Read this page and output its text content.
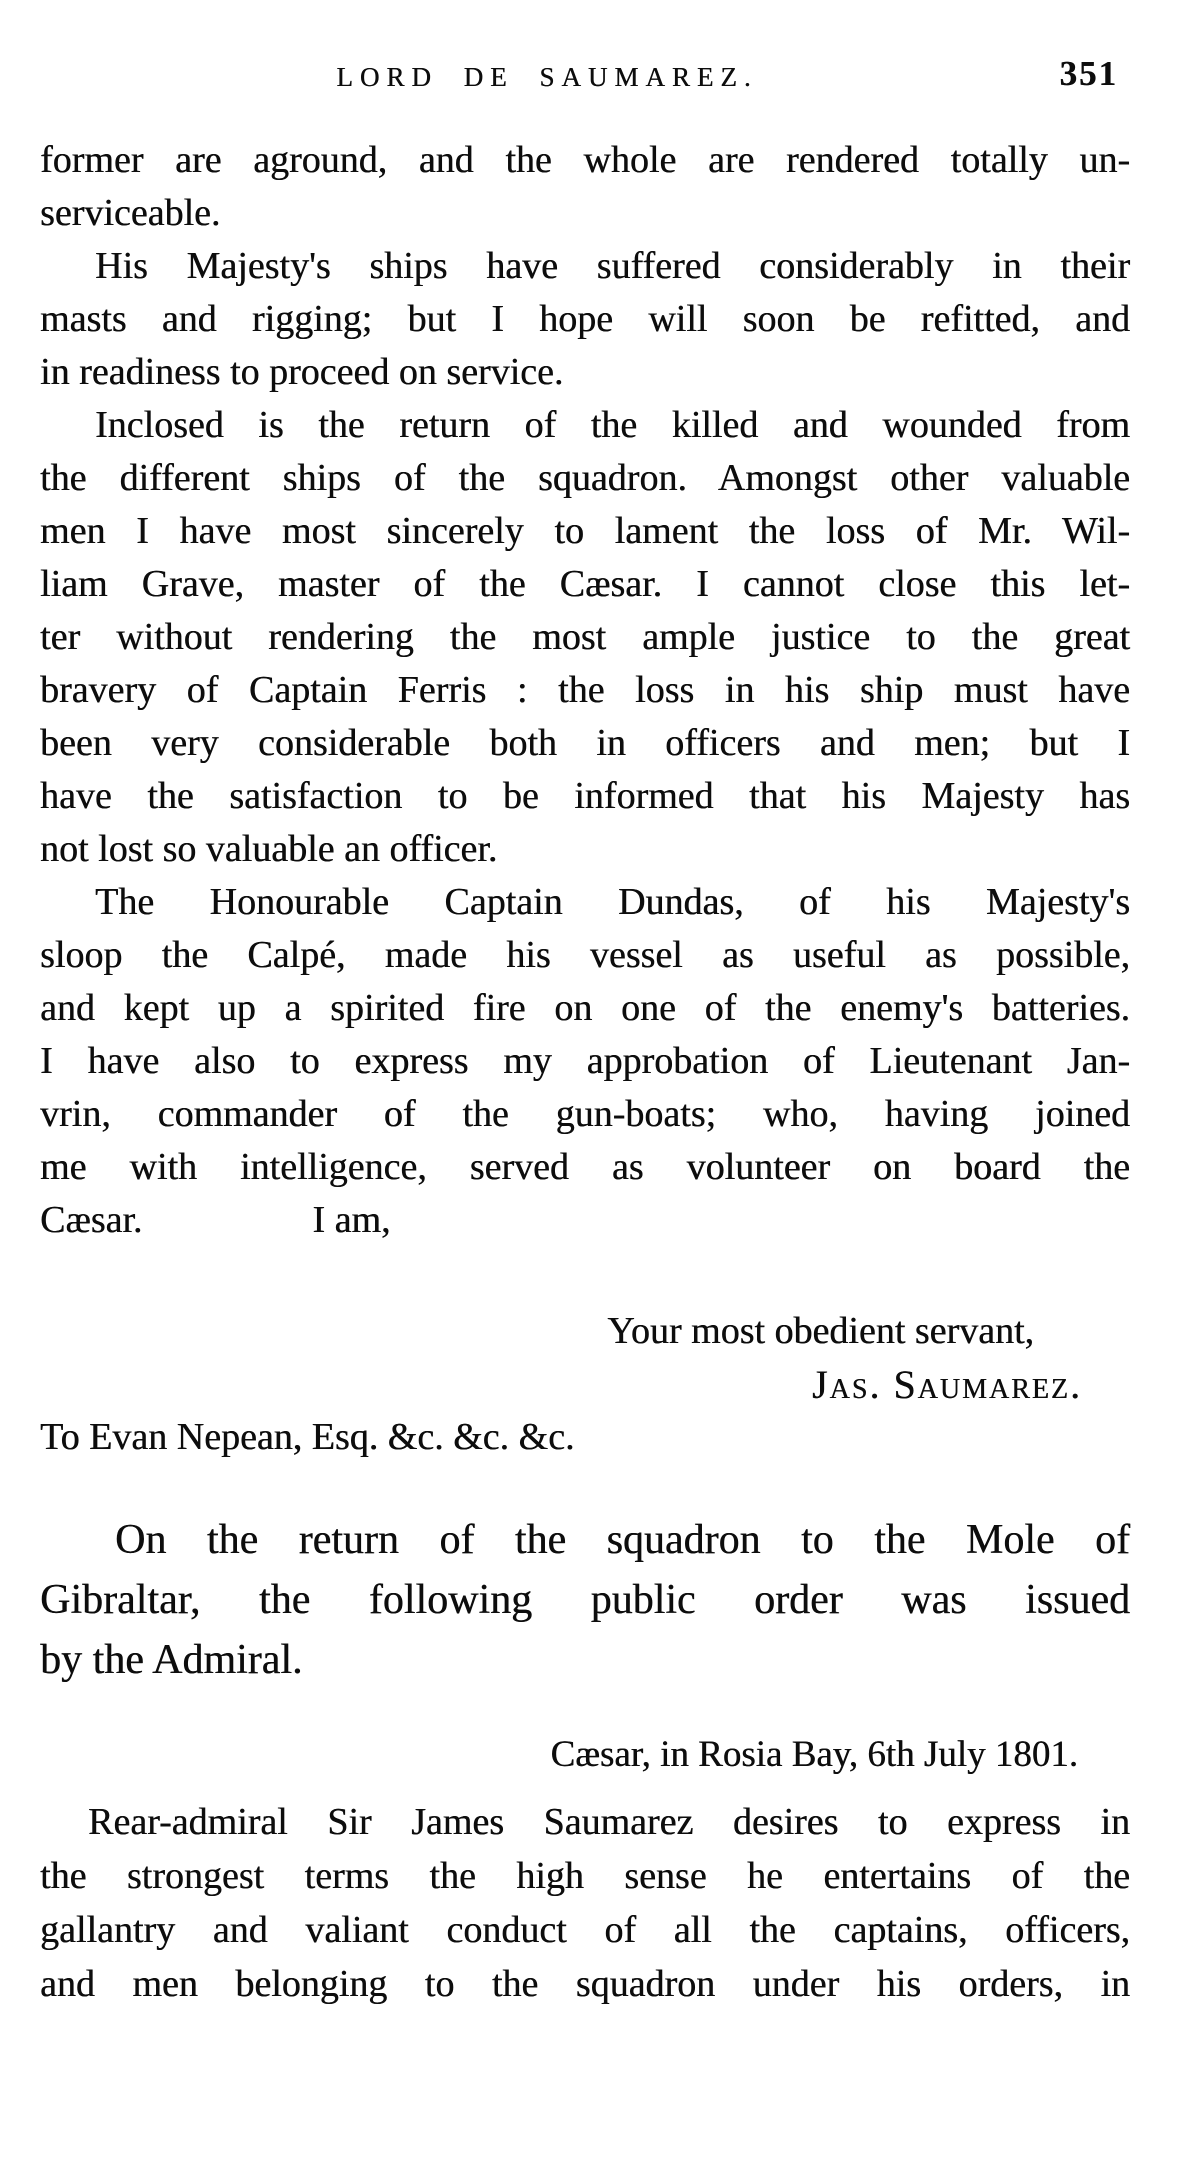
LORD DE SAUMAREZ.	351
former are aground, and the whole are rendered totally un-
serviceable.
His Majesty's ships have suffered considerably in their
masts and rigging; but I hope will soon be refitted, and
in readiness to proceed on service.
Inclosed is the return of the killed and wounded from
the different ships of the squadron. Amongst other valuable
men I have most sincerely to lament the loss of Mr. Wil-
liam Grave, master of the Cæsar. I cannot close this let-
ter without rendering the most ample justice to the great
bravery of Captain Ferris : the loss in his ship must have
been very considerable both in officers and men; but I
have the satisfaction to be informed that his Majesty has
not lost so valuable an officer.
The Honourable Captain Dundas, of his Majesty's
sloop the Calpé, made his vessel as useful as possible,
and kept up a spirited fire on one of the enemy's batteries.
I have also to express my approbation of Lieutenant Jan-
vrin, commander of the gun-boats; who, having joined
me with intelligence, served as volunteer on board the
Cæsar.	I am,
Your most obedient servant,
Jas. Saumarez.
To Evan Nepean, Esq. &c. &c. &c.
On the return of the squadron to the Mole of
Gibraltar, the following public order was issued
by the Admiral.
Cæsar, in Rosia Bay, 6th July 1801.
Rear-admiral Sir James Saumarez desires to express in
the strongest terms the high sense he entertains of the
gallantry and valiant conduct of all the captains, officers,
and men belonging to the squadron under his orders, in
